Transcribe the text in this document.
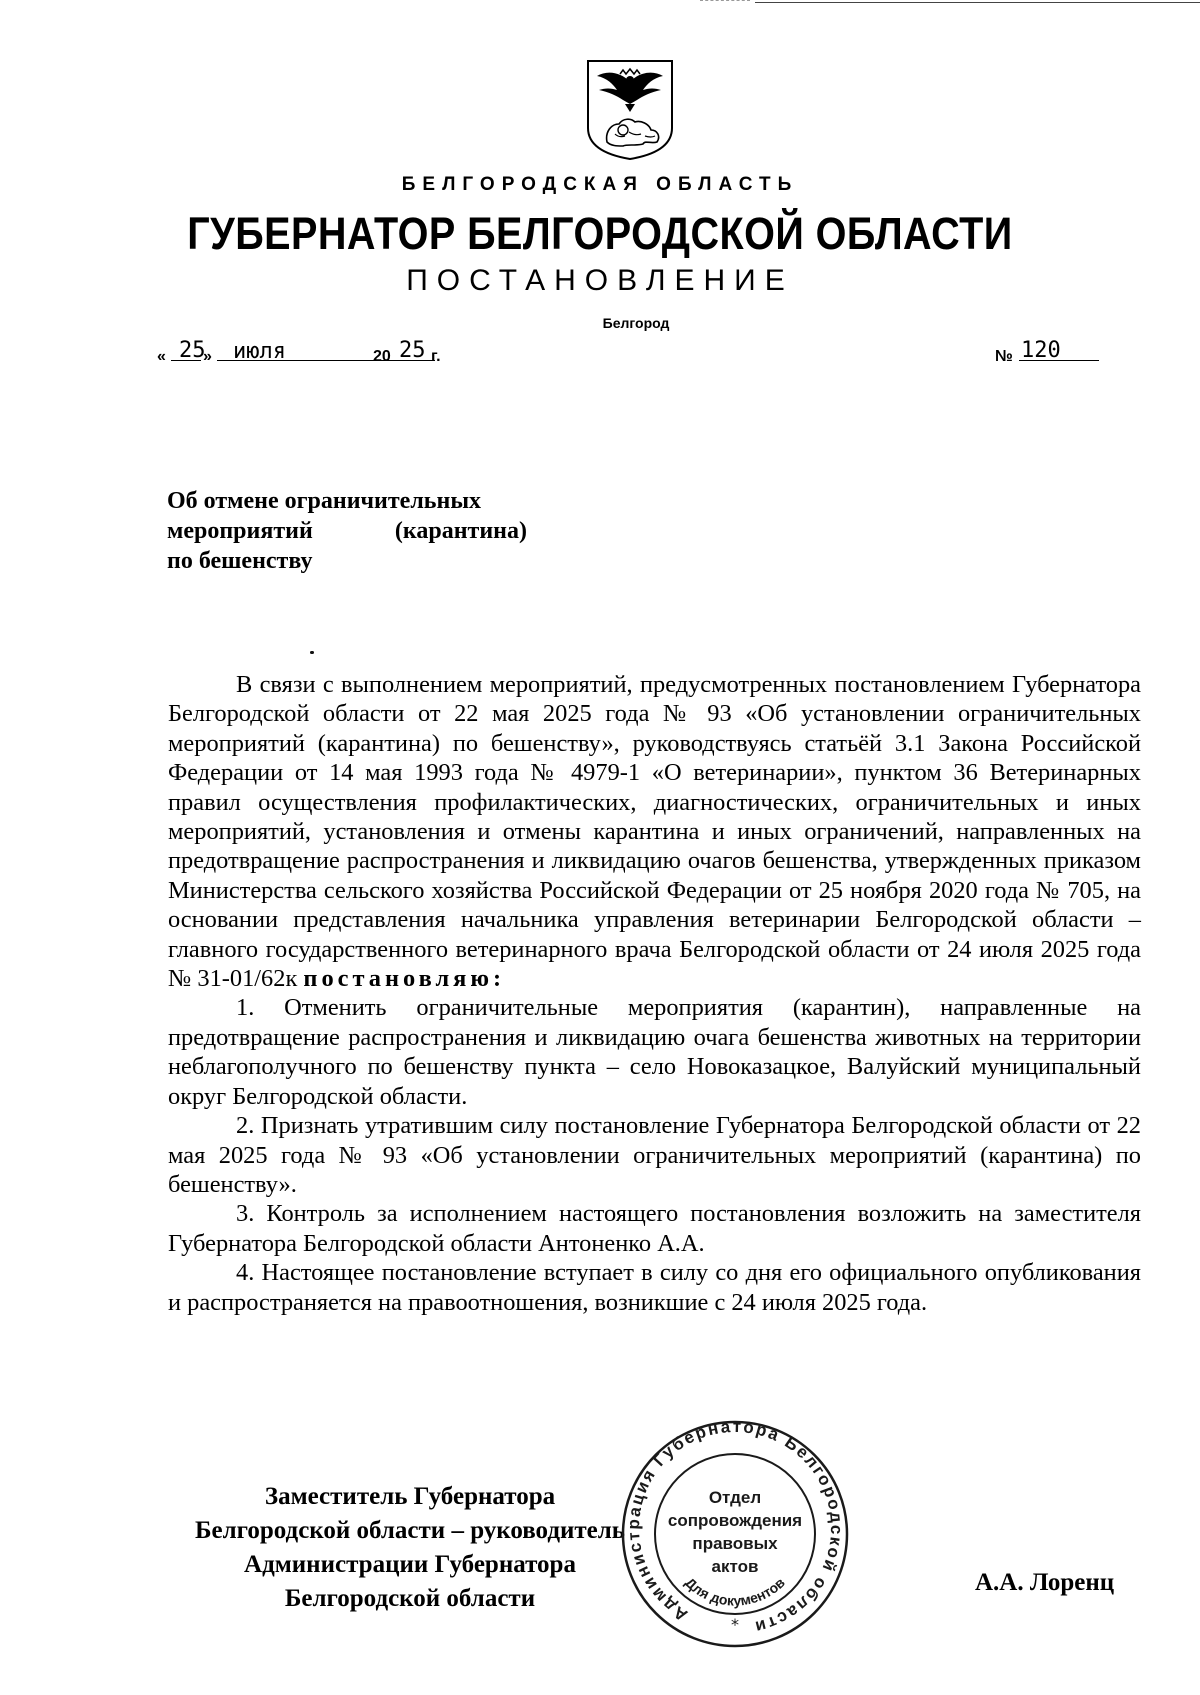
БЕЛГОРОДСКАЯ ОБЛАСТЬ
ГУБЕРНАТОР БЕЛГОРОДСКОЙ ОБЛАСТИ
ПОСТАНОВЛЕНИЕ
Белгород
« 25
» июля	20 25 г.	№ 120
Об отмене ограничительных
мероприятий	(карантина)
по бешенству

В связи с выполнением мероприятий, предусмотренных постановлением Губернатора Белгородской области от 22 мая 2025 года № 93 «Об установлении ограничительных мероприятий (карантина) по бешенству», руководствуясь статьёй 3.1 Закона Российской Федерации от 14 мая 1993 года № 4979-1 «О ветеринарии», пунктом 36 Ветеринарных правил осуществления профилактических, диагностических, ограничительных и иных мероприятий, установления и отмены карантина и иных ограничений, направленных на предотвращение распространения и ликвидацию очагов бешенства, утвержденных приказом Министерства сельского хозяйства Российской Федерации от 25 ноября 2020 года № 705, на основании представления начальника управления ветеринарии Белгородской области – главного государственного ветеринарного врача Белгородской области от 24 июля 2025 года № 31-01/62к постановляю:

1. Отменить ограничительные мероприятия (карантин), направленные на предотвращение распространения и ликвидацию очага бешенства животных на территории неблагополучного по бешенству пункта – село Новоказацкое, Валуйский муниципальный округ Белгородской области.

2. Признать утратившим силу постановление Губернатора Белгородской области от 22 мая 2025 года № 93 «Об установлении ограничительных мероприятий (карантина) по бешенству».

3. Контроль за исполнением настоящего постановления возложить на заместителя Губернатора Белгородской области Антоненко А.А.

4. Настоящее постановление вступает в силу со дня его официального опубликования и распространяется на правоотношения, возникшие с 24 июля 2025 года.

Заместитель Губернатора
Белгородской области – руководитель
Администрации Губернатора
Белгородской области
Администрация Губернатора Белгородской области
Отдел
сопровождения
правовых
актов
Для документов
*
А.А. Лоренц
